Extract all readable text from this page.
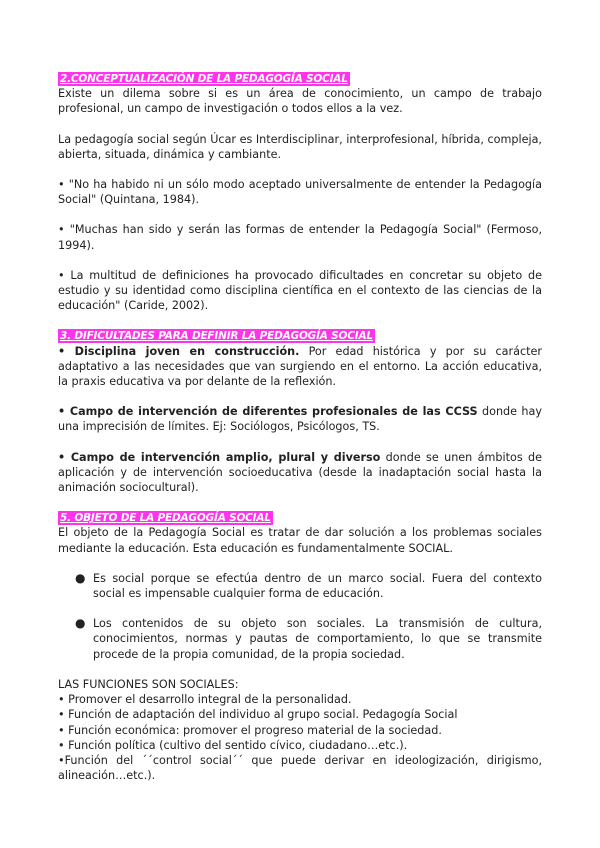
2.CONCEPTUALIZACIÓN DE LA PEDAGOGÍA SOCIAL

Existe un dilema sobre si es un área de conocimiento, un campo de trabajo profesional, un campo de investigación o todos ellos a la vez.

La pedagogía social según Úcar es Interdisciplinar, interprofesional, híbrida, compleja, abierta, situada, dinámica y cambiante.

• "No ha habido ni un sólo modo aceptado universalmente de entender la Pedagogía Social" (Quintana, 1984).

• "Muchas han sido y serán las formas de entender la Pedagogía Social" (Fermoso, 1994).

• La multitud de definiciones ha provocado dificultades en concretar su objeto de estudio y su identidad como disciplina científica en el contexto de las ciencias de la educación" (Caride, 2002).

3. DIFICULTADES PARA DEFINIR LA PEDAGOGÍA SOCIAL

• Disciplina joven en construcción. Por edad histórica y por su carácter adaptativo a las necesidades que van surgiendo en el entorno. La acción educativa, la praxis educativa va por delante de la reflexión.

• Campo de intervención de diferentes profesionales de las CCSS donde hay una imprecisión de límites. Ej: Sociólogos, Psicólogos, TS.

• Campo de intervención amplio, plural y diverso donde se unen ámbitos de aplicación y de intervención socioeducativa (desde la inadaptación social hasta la animación sociocultural).

5. OBJETO DE LA PEDAGOGÍA SOCIAL

El objeto de la Pedagogía Social es tratar de dar solución a los problemas sociales mediante la educación. Esta educación es fundamentalmente SOCIAL.

● Es social porque se efectúa dentro de un marco social. Fuera del contexto social es impensable cualquier forma de educación.
● Los contenidos de su objeto son sociales. La transmisión de cultura, conocimientos, normas y pautas de comportamiento, lo que se transmite procede de la propia comunidad, de la propia sociedad.

LAS FUNCIONES SON SOCIALES:

• Promover el desarrollo integral de la personalidad.

• Función de adaptación del individuo al grupo social. Pedagogía Social

• Función económica: promover el progreso material de la sociedad.

• Función política (cultivo del sentido cívico, ciudadano…etc.).

•Función del ´´control social´´ que puede derivar en ideologización, dirigismo, alineación…etc.).
